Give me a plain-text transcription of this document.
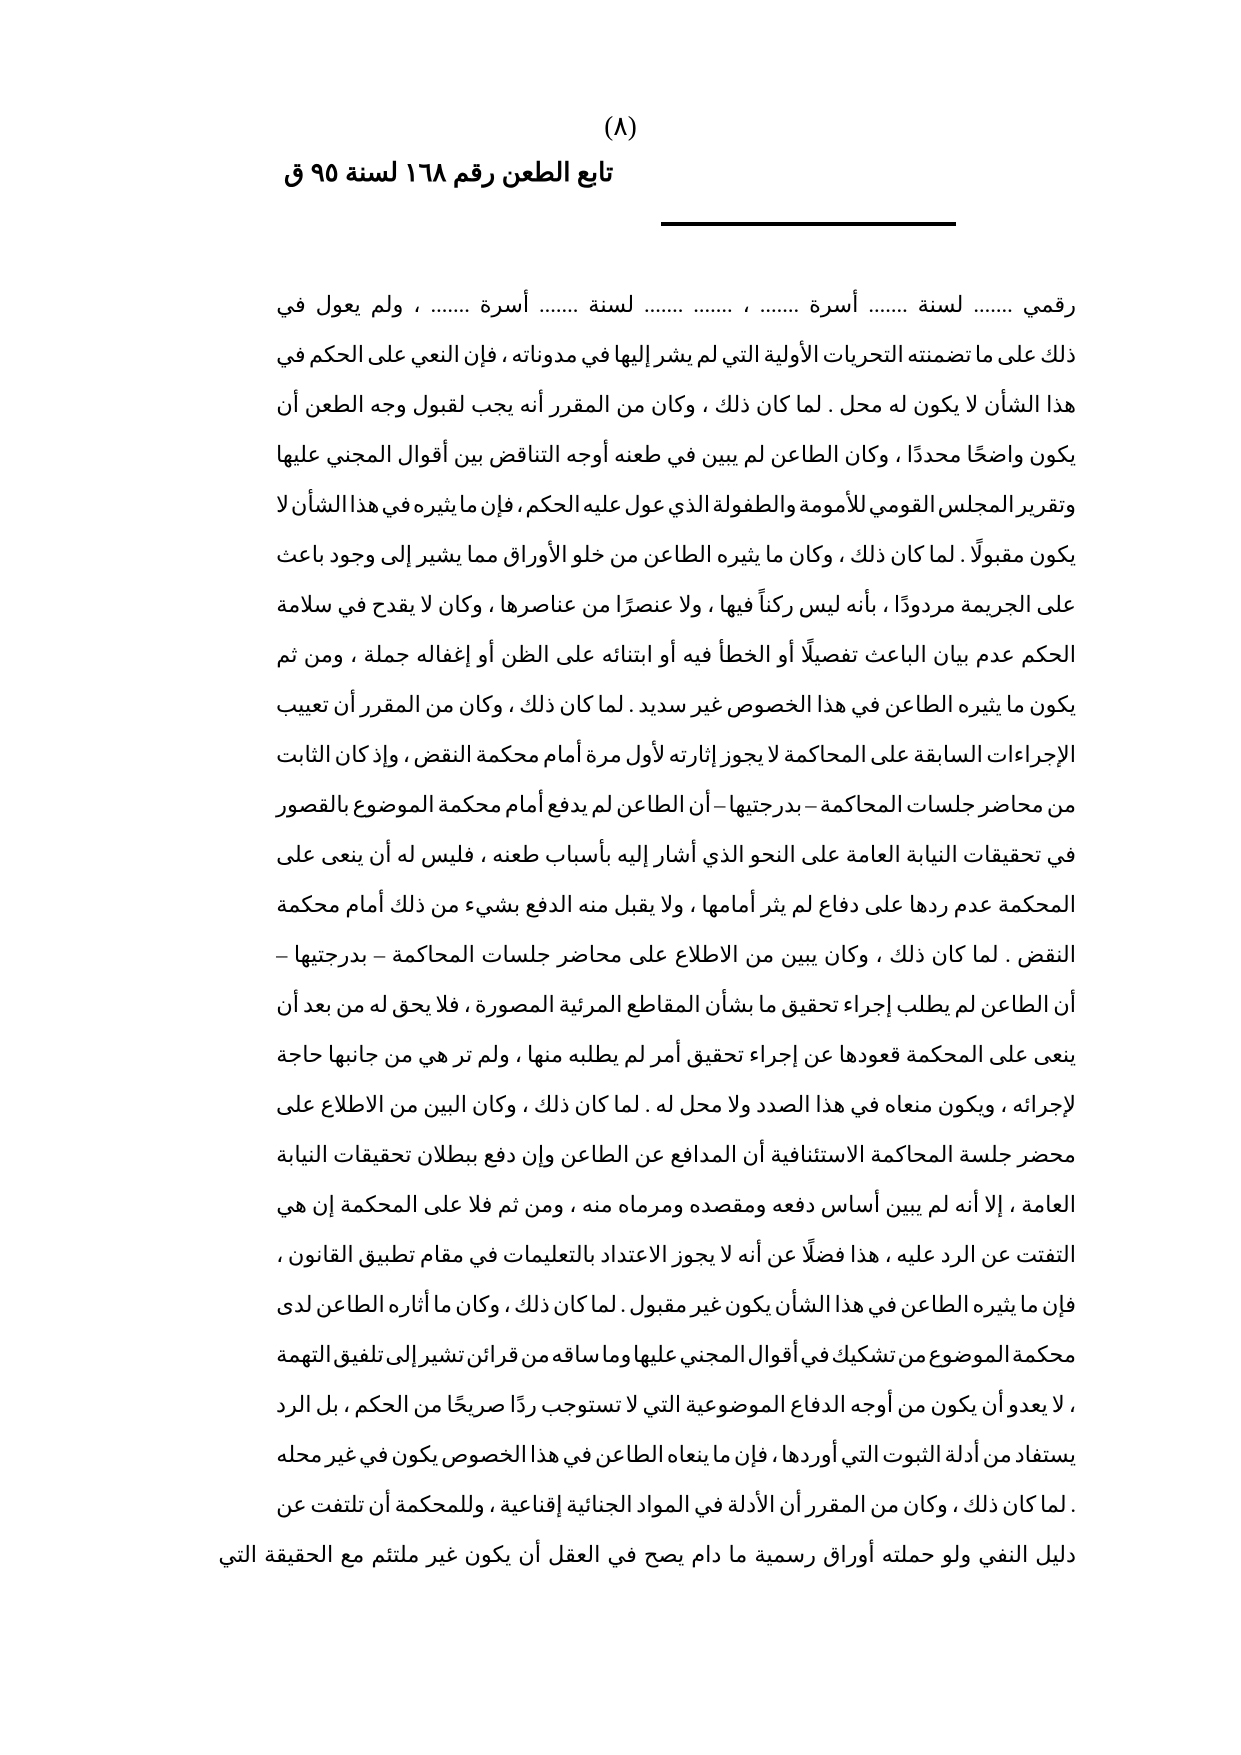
(٨)
تابع الطعن رقم ١٦٨ لسنة ٩٥ ق
رقمي
.......
لسنة
.......
أسرة
.......
،
.......
.......
لسنة
.......
أسرة
.......
،
ولم
يعول
في
ذلك
على
ما
تضمنته
التحريات
الأولية
التي
لم
يشر
إليها
في
مدوناته
،
فإن
النعي
على
الحكم
في
هذا
الشأن
لا
يكون
له
محل
.
لما
كان
ذلك
،
وكان
من
المقرر
أنه
يجب
لقبول
وجه
الطعن
أن
يكون
واضحًا
محددًا
،
وكان
الطاعن
لم
يبين
في
طعنه
أوجه
التناقض
بين
أقوال
المجني
عليها
وتقرير
المجلس
القومي
للأمومة
والطفولة
الذي
عول
عليه
الحكم
،
فإن
ما
يثيره
في
هذا
الشأن
لا
يكون
مقبولًا
.
لما
كان
ذلك
،
وكان
ما
يثيره
الطاعن
من
خلو
الأوراق
مما
يشير
إلى
وجود
باعث
على
الجريمة
مردودًا
،
بأنه
ليس
ركناً
فيها
،
ولا
عنصرًا
من
عناصرها
،
وكان
لا
يقدح
في
سلامة
الحكم
عدم
بيان
الباعث
تفصيلًا
أو
الخطأ
فيه
أو
ابتنائه
على
الظن
أو
إغفاله
جملة
،
ومن
ثم
يكون
ما
يثيره
الطاعن
في
هذا
الخصوص
غير
سديد
.
لما
كان
ذلك
،
وكان
من
المقرر
أن
تعييب
الإجراءات
السابقة
على
المحاكمة
لا
يجوز
إثارته
لأول
مرة
أمام
محكمة
النقض
،
وإذ
كان
الثابت
من
محاضر
جلسات
المحاكمة
–
بدرجتيها
–
أن
الطاعن
لم
يدفع
أمام
محكمة
الموضوع
بالقصور
في
تحقيقات
النيابة
العامة
على
النحو
الذي
أشار
إليه
بأسباب
طعنه
،
فليس
له
أن
ينعى
على
المحكمة
عدم
ردها
على
دفاع
لم
يثر
أمامها
،
ولا
يقبل
منه
الدفع
بشيء
من
ذلك
أمام
محكمة
النقض
.
لما
كان
ذلك
،
وكان
يبين
من
الاطلاع
على
محاضر
جلسات
المحاكمة
–
بدرجتيها
–
أن
الطاعن
لم
يطلب
إجراء
تحقيق
ما
بشأن
المقاطع
المرئية
المصورة
،
فلا
يحق
له
من
بعد
أن
ينعى
على
المحكمة
قعودها
عن
إجراء
تحقيق
أمر
لم
يطلبه
منها
،
ولم
تر
هي
من
جانبها
حاجة
لإجرائه
،
ويكون
منعاه
في
هذا
الصدد
ولا
محل
له
.
لما
كان
ذلك
،
وكان
البين
من
الاطلاع
على
محضر
جلسة
المحاكمة
الاستئنافية
أن
المدافع
عن
الطاعن
وإن
دفع
ببطلان
تحقيقات
النيابة
العامة
،
إلا
أنه
لم
يبين
أساس
دفعه
ومقصده
ومرماه
منه
،
ومن
ثم
فلا
على
المحكمة
إن
هي
التفتت
عن
الرد
عليه
،
هذا
فضلًا
عن
أنه
لا
يجوز
الاعتداد
بالتعليمات
في
مقام
تطبيق
القانون
،
فإن
ما
يثيره
الطاعن
في
هذا
الشأن
يكون
غير
مقبول
.
لما
كان
ذلك
،
وكان
ما
أثاره
الطاعن
لدى
محكمة
الموضوع
من
تشكيك
في
أقوال
المجني
عليها
وما
ساقه
من
قرائن
تشير
إلى
تلفيق
التهمة
،
لا
يعدو
أن
يكون
من
أوجه
الدفاع
الموضوعية
التي
لا
تستوجب
ردًا
صريحًا
من
الحكم
،
بل
الرد
يستفاد
من
أدلة
الثبوت
التي
أوردها
،
فإن
ما
ينعاه
الطاعن
في
هذا
الخصوص
يكون
في
غير
محله
.
لما
كان
ذلك
،
وكان
من
المقرر
أن
الأدلة
في
المواد
الجنائية
إقناعية
،
وللمحكمة
أن
تلتفت
عن
دليل
النفي
ولو
حملته
أوراق
رسمية
ما
دام
يصح
في
العقل
أن
يكون
غير
ملتئم
مع
الحقيقة
التي
